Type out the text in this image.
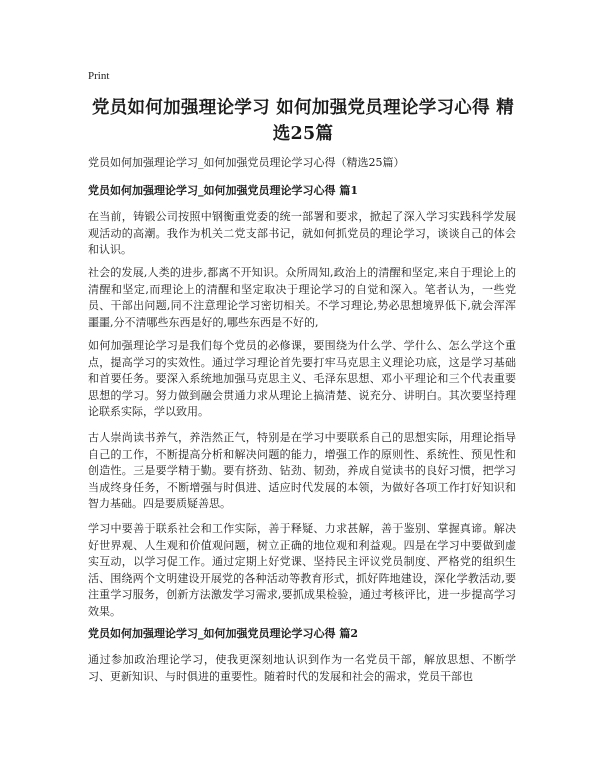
Print
党员如何加强理论学习 如何加强党员理论学习心得 精选25篇
党员如何加强理论学习_如何加强党员理论学习心得（精选25篇）
党员如何加强理论学习_如何加强党员理论学习心得 篇1

在当前，铸锻公司按照中钢衡重党委的统一部署和要求，掀起了深入学习实践科学发展观活动的高潮。我作为机关二党支部书记，就如何抓党员的理论学习，谈谈自己的体会和认识。

社会的发展,人类的进步,都离不开知识。众所周知,政治上的清醒和坚定,来自于理论上的清醒和坚定,而理论上的清醒和坚定取决于理论学习的自觉和深入。笔者认为，一些党员、干部出问题,同不注意理论学习密切相关。不学习理论,势必思想境界低下,就会浑浑噩噩,分不清哪些东西是好的,哪些东西是不好的,

如何加强理论学习是我们每个党员的必修课，要围绕为什么学、学什么、怎么学这个重点，提高学习的实效性。通过学习理论首先要打牢马克思主义理论功底，这是学习基础和首要任务。要深入系统地加强马克思主义、毛泽东思想、邓小平理论和三个代表重要思想的学习。努力做到融会贯通力求从理论上搞清楚、说充分、讲明白。其次要坚持理论联系实际，学以致用。

古人崇尚读书养气，养浩然正气，特别是在学习中要联系自己的思想实际，用理论指导自己的工作，不断提高分析和解决问题的能力，增强工作的原则性、系统性、预见性和创造性。三是要学精于勤。要有挤劲、钻劲、韧劲，养成自觉读书的良好习惯，把学习当成终身任务，不断增强与时俱进、适应时代发展的本领，为做好各项工作打好知识和智力基础。四是要质疑善思。

学习中要善于联系社会和工作实际，善于释疑、力求甚解，善于鉴别、掌握真谛。解决好世界观、人生观和价值观问题，树立正确的地位观和利益观。四是在学习中要做到虚实互动，以学习促工作。通过定期上好党课、坚持民主评议党员制度、严格党的组织生活、围绕两个文明建设开展党的各种活动等教育形式，抓好阵地建设，深化学教活动,要注重学习服务，创新方法激发学习需求,要抓成果检验，通过考核评比，进一步提高学习效果。

党员如何加强理论学习_如何加强党员理论学习心得 篇2

通过参加政治理论学习，使我更深刻地认识到作为一名党员干部，解放思想、不断学习、更新知识、与时俱进的重要性。随着时代的发展和社会的需求，党员干部也
